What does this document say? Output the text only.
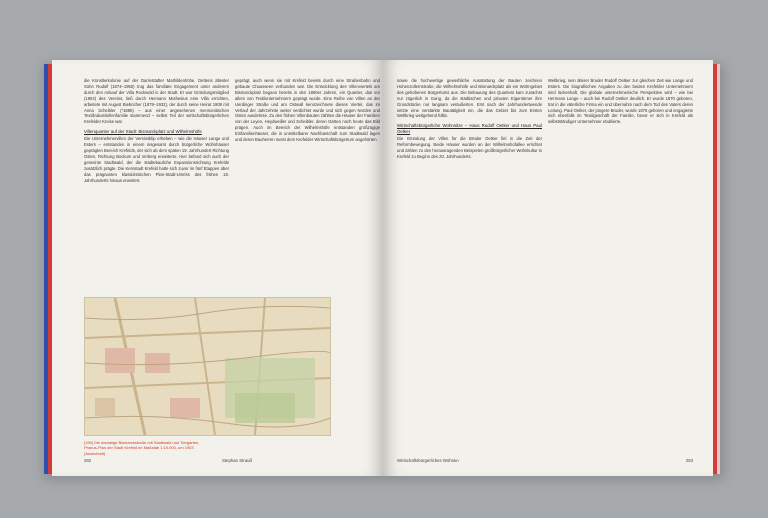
die Künstlerkolonie auf der Darmstädter Mathildenhöhe. Dettens ältester Sohn Rudolf (1874–1950) trug das familiäre Engagement unter anderem durch den Ankauf der Villa Rockwold in der Stadt. Er war Gründungsmitglied (1904) des Vereins, ließ durch Hermann Muthesius eine Villa errichten, arbeitete mit August Biebricher (1878–1932), der durch seine Heirat 1908 mit Anna Scheibler (*1885) – aus einer angesehenen mennonitischen Textilindustriellenfamilie stammend – selbst Teil der wirtschaftsbürgerlichen Krefelder Kreise war.

Villenquartier auf der Stadt: Bismarckplatz und Wilhelmshöfe

Die Unternehmervillen der Vereinsklip erheben – wie die Häuser Lange und Esters – entstanden in einem insgesamt durch bürgerliche Wohnhäuser geprägten Bereich Krefelds, der sich ab dem späten 19. Jahrhundert Richtung Osten, Richtung Bockum und Verberg erweiterte. Hier befand sich auch der gemeinte Stadtwald, der die städtebauliche Expansionsrichtung Krefelds zusätzlich prägte. Die Kernstadt Krefeld hatte sich zuvor im fünf Etappen über das prägnanten klassizistischen Plan-Stadt-Umriss des frühen 19. Jahrhunderts hinaus erweitert.

geprägt, auch wenn sie mit Krefeld bereits durch eine Straßenbahn und gebaute Chausseen verbunden war. Die Entwicklung des Villenviertels am Bismarckplatz begann bereits in den 1860er Jahren, ein Quartier, das vor allem von Textilunternehmern geprägt wurde. Eine Reihe von Villen an der Uerdinger Straße und am Ostwall kennzeichnete dieses Viertel, das im Verlauf der Jahrzehnte weiter verdichtet wurde und sich gegen Norden und Osten ausdehnte. Zu den frühen Villenbauten zählten die Häuser der Familien von der Leyen, Heydweiller und Scheibler, deren Gärten noch heute das Bild prägen. Auch im Bereich der Wilhelmshöfe entstanden großzügige Einfamilienhäuser, die in unmittelbarer Nachbarschaft zum Stadtwald lagen und deren Bauherren meist dem Krefelder Wirtschaftsbürgertum angehörten.

[199] Die damalige Bismarckstraße mit Stadtwald und Tiergarten, Pharus-Plan der Stadt Krefeld im Maßstab 1:10.000, um 1903 (Ausschnitt)
282	Stephan Strauß

sowie die hochwertige gewerbliche Ausstattung der Bauten zeichnen Hohenzollernstraße, die Wilhelmshöfe und Bismarckplatz als ein Wohngebiet des gehobenen Bürgertums aus. Die Bebauung des Quartiers kam zunächst nur zögerlich in Gang, da die städtischen und privaten Eigentümer ihre Grundstücke nur langsam veräußerten. Erst nach der Jahrhundertwende setzte eine verstärkte Bautätigkeit ein, die das Gebiet bis zum Ersten Weltkrieg weitgehend füllte.

Wirtschaftsbürgerliche Wohnsitze – Haus Rudolf Oetker und Haus Paul Oetker

Die Gründung der Villen für die Brüder Oetker fiel in die Zeit der Reformbewegung. Beide Häuser wurden an der Wilhelmshofallee errichtet und zählen zu den herausragenden Beispielen großbürgerlicher Wohnkultur in Krefeld zu Beginn des 20. Jahrhunderts.

Weltkrieg, sein älterer Bruder Rudolf Oetker zur gleichen Zeit wie Lange und Esters. Die biografischen Angaben zu den beiden Krefelder Unternehmern sind lückenhaft. Die globale unternehmerische Perspektive wird – wie bei Hermann Lange – auch bei Rudolf Oetker deutlich. Er wurde 1870 geboren, trat in die väterliche Firma ein und übernahm nach dem Tod des Vaters deren Leitung. Paul Oetker, der jüngere Bruder, wurde 1876 geboren und engagierte sich ebenfalls im Textilgeschäft der Familie, bevor er sich in Krefeld als selbstständiger Unternehmer etablierte.

Wirtschaftsbürgerliches Wohnen	283
